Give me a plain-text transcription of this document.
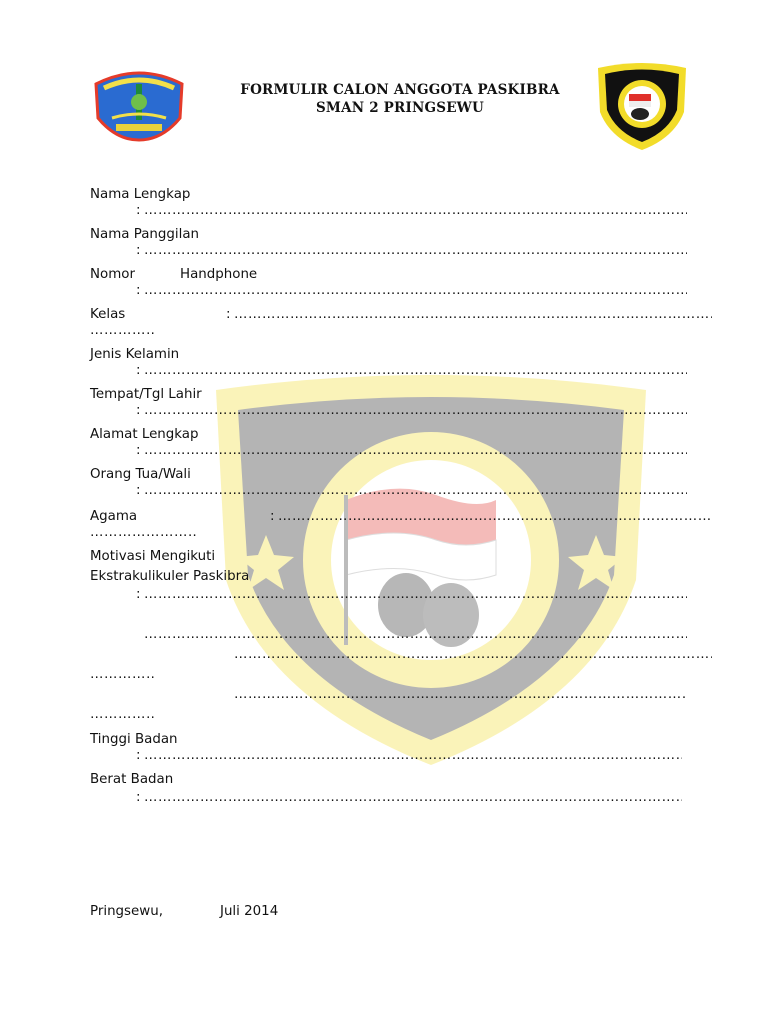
FORMULIR CALON ANGGOTA PASKIBRA
SMAN 2 PRINGSEWU
Nama Lengkap
:
…………………………………………………………………………………………………………………………………………………………………
Nama Panggilan
:
…………………………………………………………………………………………………………………………………………………………………
Nomor	Handphone
:
…………………………………………………………………………………………………………………………………………………………………
Kelas	:
…………………………………………………………………………………………………………………………………………………………………
…………………………………………………………………………………………………………………………………………………………………
Jenis Kelamin
:
…………………………………………………………………………………………………………………………………………………………………
Tempat/Tgl Lahir
:
…………………………………………………………………………………………………………………………………………………………………
Alamat Lengkap
:
…………………………………………………………………………………………………………………………………………………………………
Orang Tua/Wali
:
…………………………………………………………………………………………………………………………………………………………………
Agama	:
…………………………………………………………………………………………………………………………………………………………………
…………………………………………………………………………………………………………………………………………………………………
Motivasi Mengikuti
Ekstrakulikuler Paskibra
:
…………………………………………………………………………………………………………………………………………………………………
…………………………………………………………………………………………………………………………………………………………………
…………………………………………………………………………………………………………………………………………………………………
…………………………………………………………………………………………………………………………………………………………………
…………………………………………………………………………………………………………………………………………………………………
…………………………………………………………………………………………………………………………………………………………………
Tinggi Badan
:
…………………………………………………………………………………………………………………………………………………………………
Berat Badan
:
…………………………………………………………………………………………………………………………………………………………………
Pringsewu,	Juli 2014
